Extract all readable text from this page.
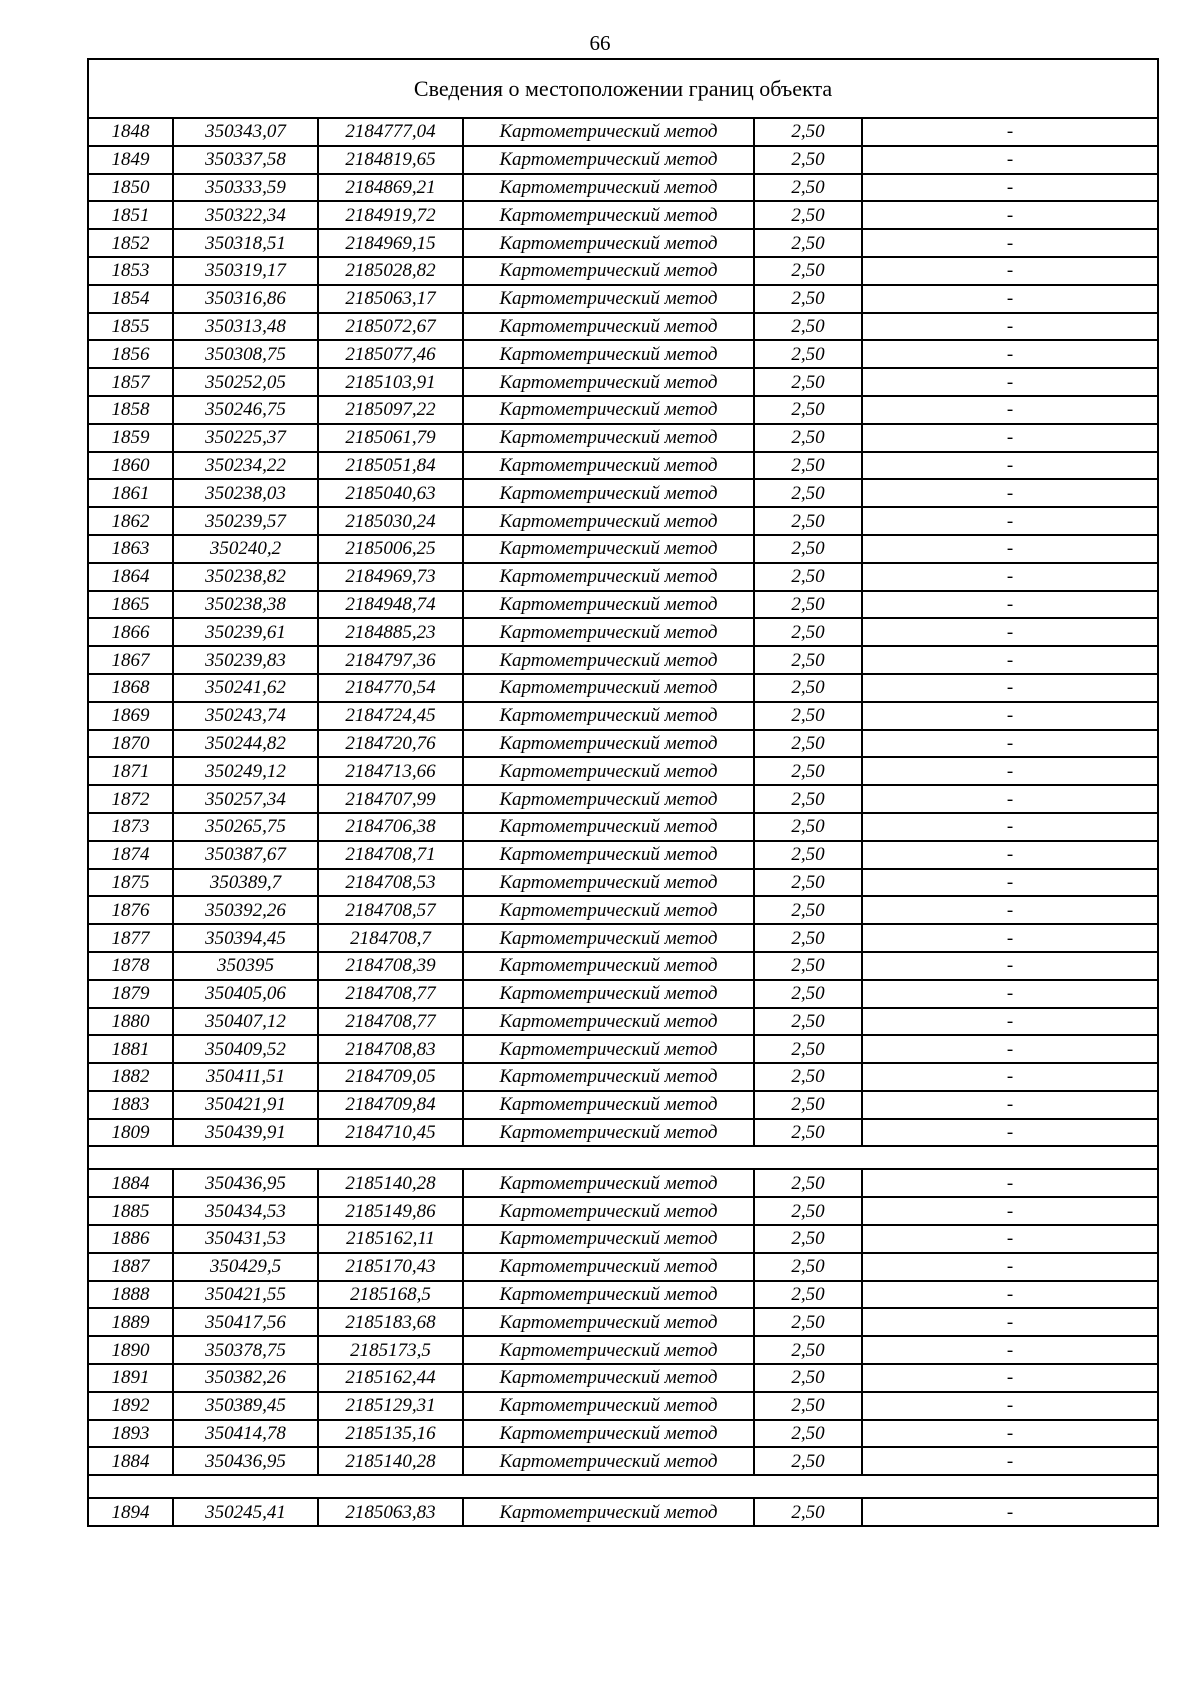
66
Сведения о местоположении границ объекта					
1848	350343,07	2184777,04	Картометрический метод	2,50	-
1849	350337,58	2184819,65	Картометрический метод	2,50	-
1850	350333,59	2184869,21	Картометрический метод	2,50	-
1851	350322,34	2184919,72	Картометрический метод	2,50	-
1852	350318,51	2184969,15	Картометрический метод	2,50	-
1853	350319,17	2185028,82	Картометрический метод	2,50	-
1854	350316,86	2185063,17	Картометрический метод	2,50	-
1855	350313,48	2185072,67	Картометрический метод	2,50	-
1856	350308,75	2185077,46	Картометрический метод	2,50	-
1857	350252,05	2185103,91	Картометрический метод	2,50	-
1858	350246,75	2185097,22	Картометрический метод	2,50	-
1859	350225,37	2185061,79	Картометрический метод	2,50	-
1860	350234,22	2185051,84	Картометрический метод	2,50	-
1861	350238,03	2185040,63	Картометрический метод	2,50	-
1862	350239,57	2185030,24	Картометрический метод	2,50	-
1863	350240,2	2185006,25	Картометрический метод	2,50	-
1864	350238,82	2184969,73	Картометрический метод	2,50	-
1865	350238,38	2184948,74	Картометрический метод	2,50	-
1866	350239,61	2184885,23	Картометрический метод	2,50	-
1867	350239,83	2184797,36	Картометрический метод	2,50	-
1868	350241,62	2184770,54	Картометрический метод	2,50	-
1869	350243,74	2184724,45	Картометрический метод	2,50	-
1870	350244,82	2184720,76	Картометрический метод	2,50	-
1871	350249,12	2184713,66	Картометрический метод	2,50	-
1872	350257,34	2184707,99	Картометрический метод	2,50	-
1873	350265,75	2184706,38	Картометрический метод	2,50	-
1874	350387,67	2184708,71	Картометрический метод	2,50	-
1875	350389,7	2184708,53	Картометрический метод	2,50	-
1876	350392,26	2184708,57	Картометрический метод	2,50	-
1877	350394,45	2184708,7	Картометрический метод	2,50	-
1878	350395	2184708,39	Картометрический метод	2,50	-
1879	350405,06	2184708,77	Картометрический метод	2,50	-
1880	350407,12	2184708,77	Картометрический метод	2,50	-
1881	350409,52	2184708,83	Картометрический метод	2,50	-
1882	350411,51	2184709,05	Картометрический метод	2,50	-
1883	350421,91	2184709,84	Картометрический метод	2,50	-
1809	350439,91	2184710,45	Картометрический метод	2,50	-

1884	350436,95	2185140,28	Картометрический метод	2,50	-
1885	350434,53	2185149,86	Картометрический метод	2,50	-
1886	350431,53	2185162,11	Картометрический метод	2,50	-
1887	350429,5	2185170,43	Картометрический метод	2,50	-
1888	350421,55	2185168,5	Картометрический метод	2,50	-
1889	350417,56	2185183,68	Картометрический метод	2,50	-
1890	350378,75	2185173,5	Картометрический метод	2,50	-
1891	350382,26	2185162,44	Картометрический метод	2,50	-
1892	350389,45	2185129,31	Картометрический метод	2,50	-
1893	350414,78	2185135,16	Картометрический метод	2,50	-
1884	350436,95	2185140,28	Картометрический метод	2,50	-

1894	350245,41	2185063,83	Картометрический метод	2,50	-
